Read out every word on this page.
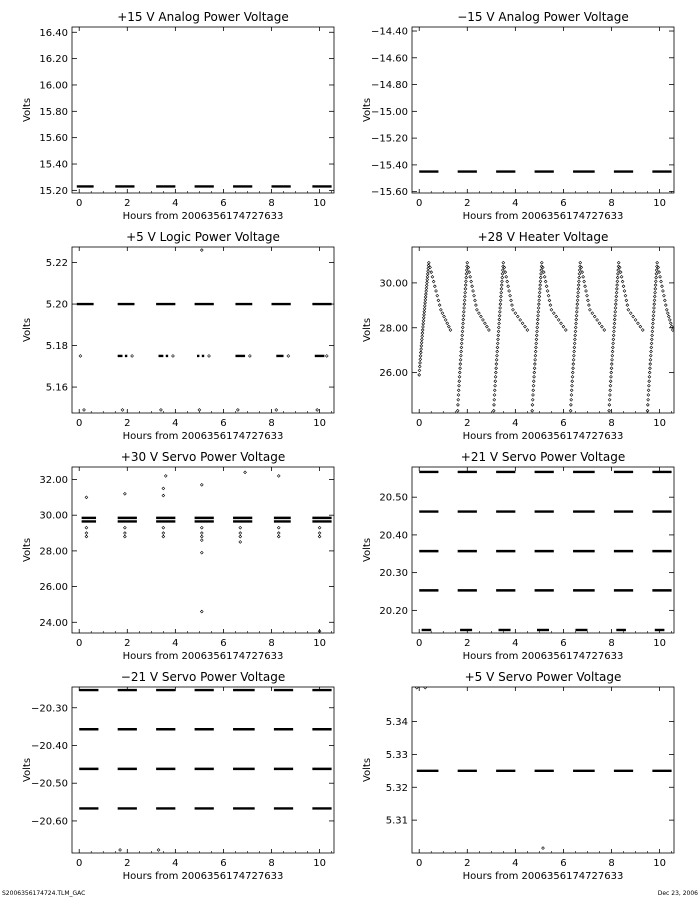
+15 V Analog Power Voltage
0	2	4	6	8	10
15.20
15.40
15.60
15.80
16.00
16.20
16.40
Hours from 2006356174727633
Volts
−15 V Analog Power Voltage
0	2	4	6	8	10
−15.60
−15.40
−15.20
−15.00
−14.80
−14.60
−14.40
Hours from 2006356174727633
Volts
+5 V Logic Power Voltage
0	2	4	6	8	10
5.16
5.18
5.20
5.22
Hours from 2006356174727633
Volts
+28 V Heater Voltage
0	2	4	6	8	10
26.00
28.00
30.00
Hours from 2006356174727633
Volts
+30 V Servo Power Voltage
0	2	4	6	8	10
24.00
26.00
28.00
30.00
32.00
Hours from 2006356174727633
Volts
+21 V Servo Power Voltage
0	2	4	6	8	10
20.20
20.30
20.40
20.50
Hours from 2006356174727633
Volts
−21 V Servo Power Voltage
0	2	4	6	8	10
−20.60
−20.50
−20.40
−20.30
Hours from 2006356174727633
Volts
+5 V Servo Power Voltage
0	2	4	6	8	10
5.31
5.32
5.33
5.34
Hours from 2006356174727633
Volts
S2006356174724.TLM_GAC	Dec 23, 2006
